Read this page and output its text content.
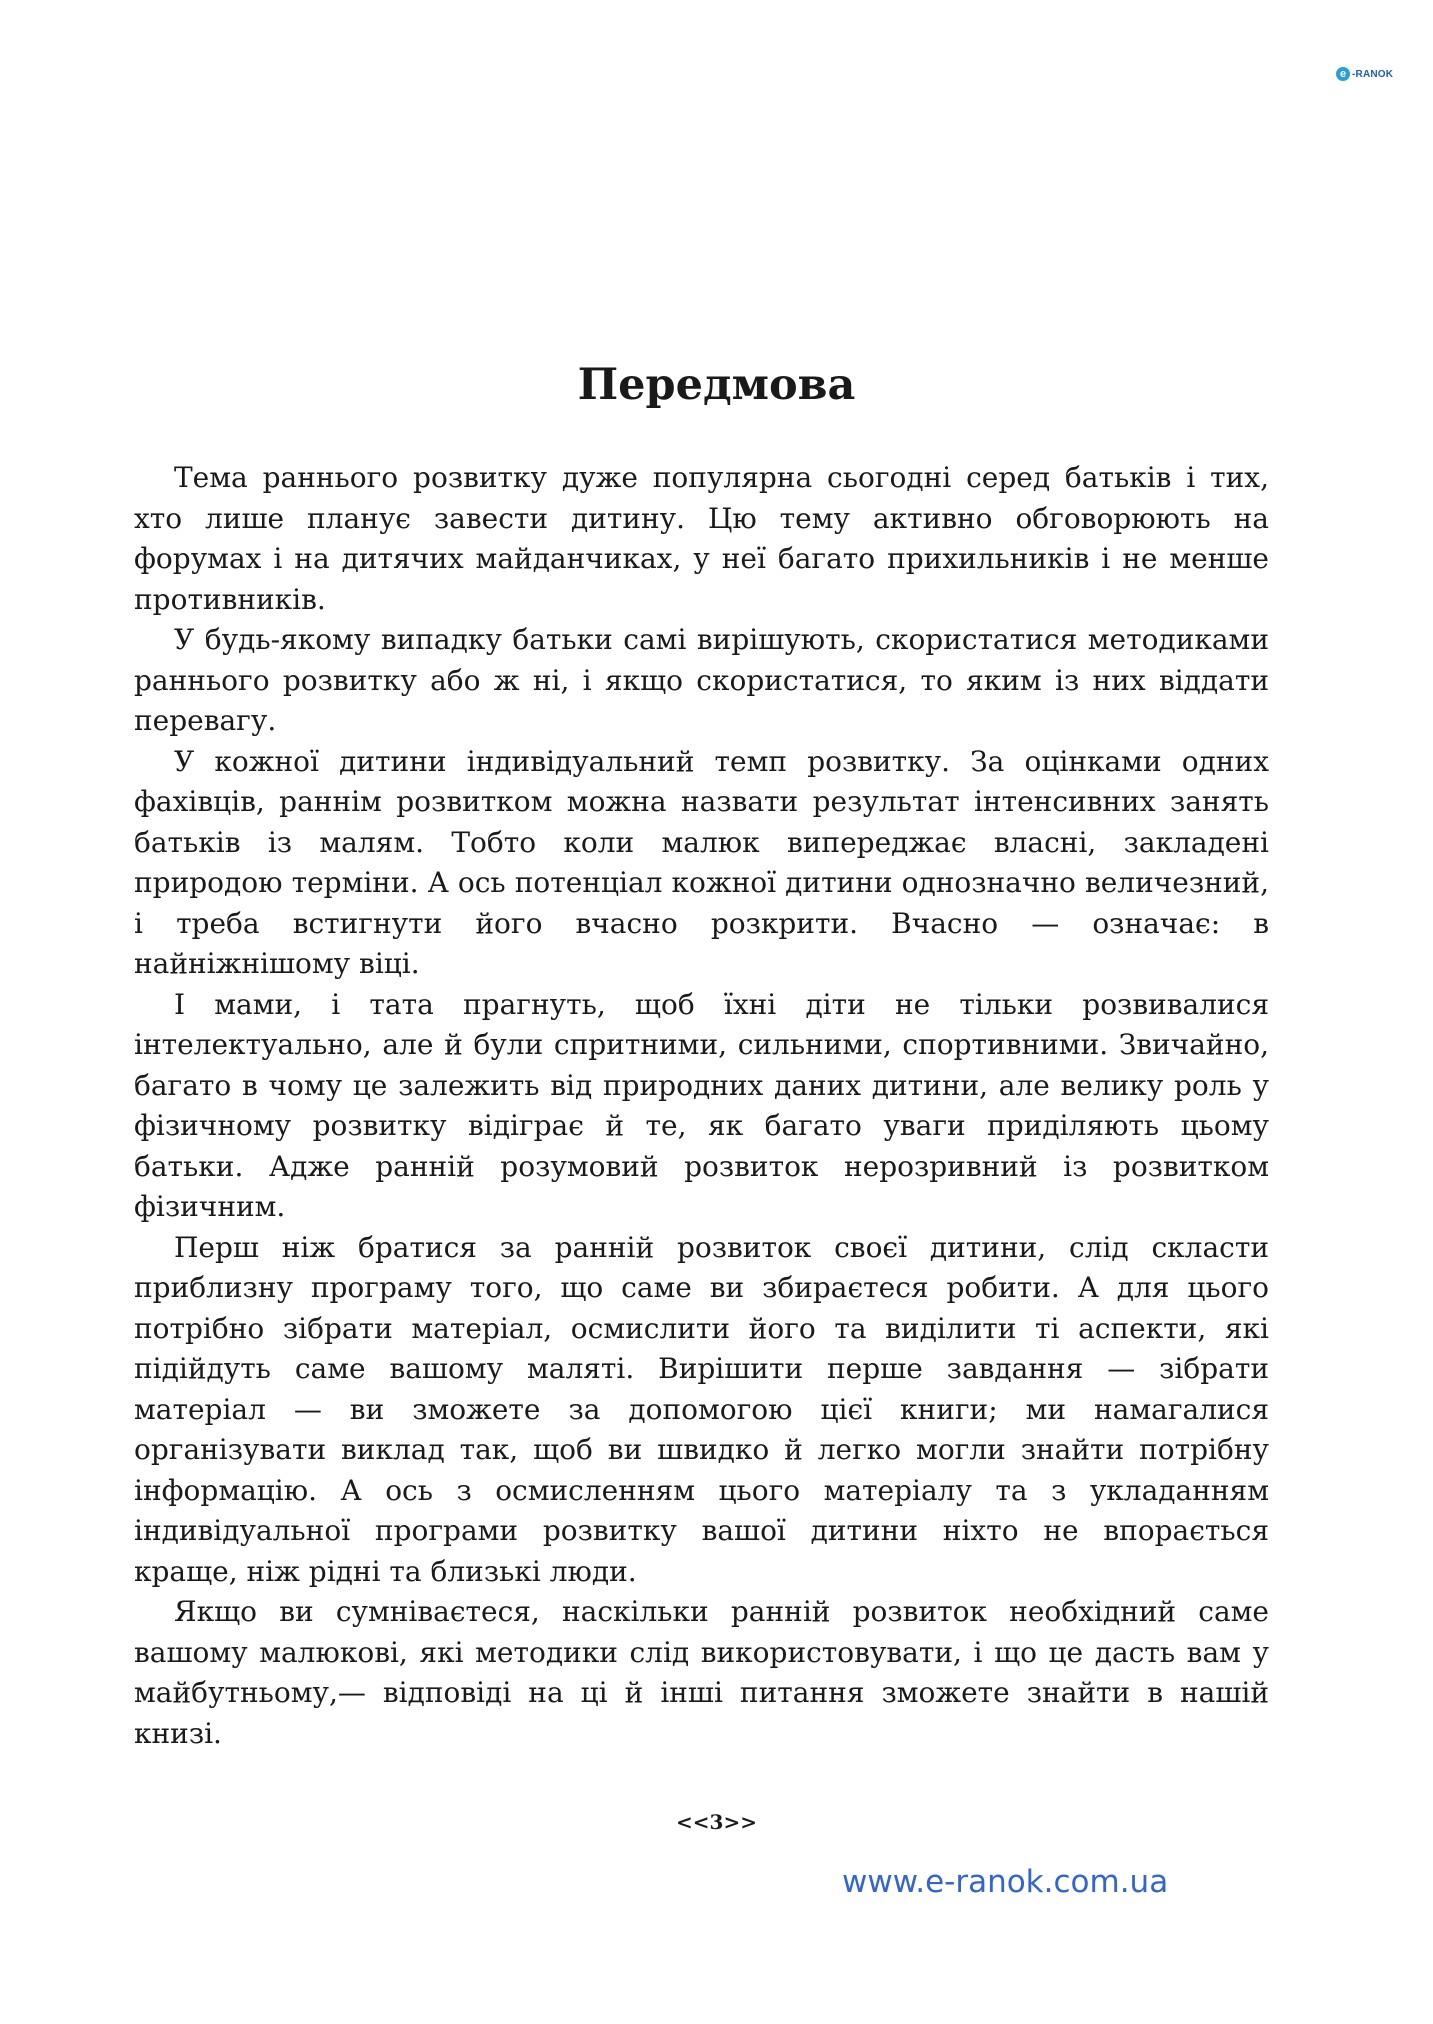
e -RANOK
Передмова

Тема раннього розвитку дуже популярна сьогодні серед батьків і тих, хто лише планує завести дитину. Цю тему активно обговорюють на форумах і на дитячих майданчиках, у неї багато прихильників і не менше противників.

У будь-якому випадку батьки самі вирішують, скористатися методиками раннього розвитку або ж ні, і якщо скористатися, то яким із них віддати перевагу.

У кожної дитини індивідуальний темп розвитку. За оцінками одних фахівців, раннім розвитком можна назвати результат інтенсивних занять батьків із малям. Тобто коли малюк випереджає власні, закладені природою терміни. А ось потенціал кожної дитини однозначно величезний, і треба встигнути його вчасно розкрити. Вчасно — означає: в найніжнішому віці.

І мами, і тата прагнуть, щоб їхні діти не тільки розвивалися інтелектуально, але й були спритними, сильними, спортивними. Звичайно, багато в чому це залежить від природних даних дитини, але велику роль у фізичному розвитку відіграє й те, як багато уваги приділяють цьому батьки. Адже ранній розумовий розвиток нерозривний із розвитком фізичним.

Перш ніж братися за ранній розвиток своєї дитини, слід скласти приблизну програму того, що саме ви збираєтеся робити. А для цього потрібно зібрати матеріал, осмислити його та виділити ті аспекти, які підійдуть саме вашому маляті. Вирішити перше завдання — зібрати матеріал — ви зможете за допомогою цієї книги; ми намагалися організувати виклад так, щоб ви швидко й легко могли знайти потрібну інформацію. А ось з осмисленням цього матеріалу та з укладанням індивідуальної програми розвитку вашої дитини ніхто не впорається краще, ніж рідні та близькі люди.

Якщо ви сумніваєтеся, наскільки ранній розвиток необхідний саме вашому малюкові, які методики слід використовувати, і що це дасть вам у майбутньому,— відповіді на ці й інші питання зможете знайти в нашій книзі.

<<3>>
www.e-ranok.com.ua
